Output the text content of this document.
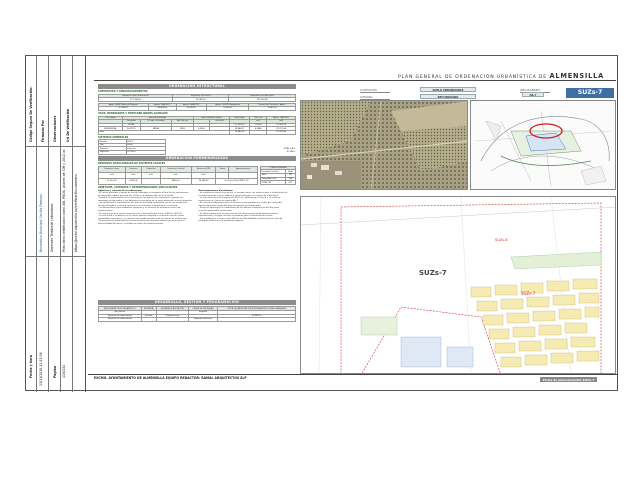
Código Seguro De Verificación:
Normativa Municipal Sevilla Firmado
Firmado Por
Gerencia Territorial Urbanismo
Observaciones
Para otros certificados como AN. PGOU, planes de SIH y 2012 ac
Url De Verificación
https://portal.dipusevilla.es/verificarDocumentos
Fecha y hora 13/11/2018 12:15:38	Página 110/132
PLAN GENERAL DE ORDENACIÓN URBANÍSTICA DE ALMENSILLA
CLASIFICACIÓN	SUELO URBANIZABLE
CATEGORÍA	SECTORIZADO
ÁREA DE REPARTO
AR-7	SUZs-7
ORDENACIÓN ESTRUCTURAL
SUPERFICIES Y APROVECHAMIENTOS
Superficie Total Sector(m2s)	Superficie SGs (m2s)	Superficie con SGs (m2s)
111.765,00	10.185,00	121.950,00
Aprov. MEDIO Área de Reparto	Aprov. OBJETIVO	Aprov. SUBJETIVO	Aprov. CESIÓN obligatoria	Exceso de/ Defectos / Aprov.
0,318093	38.406,00	33.853,07	3.785,00	3.545,14
USOS, DENSIDADES Y EDIFICABILIDADES GLOBALES
Uso Global	Area de Densidad			Índice Edificab Global		Edif Global	Coef Uso	Aprov. OBJETIVO
	Densidad	Nº máx. viviendas	Edif. Min Vp		m2t/m2s		m2t	(uh)
	B-UAS					37.500,50	1,0000	37.260,78
RESIDENCIAL	Pl-VBT.99	MEDIA	30/50	0,5000		18.846,27	0,9886	22.237,64
Total						55.889,09		59.781,44
SISTEMAS GENERALES
Nombre	SGV-3		
Tipo	Viario		
Situación	adscritos		TOTAL SGEL
Superficie	10.185,0		10.185,0
ORDENACIÓN PORMENORIZADA
RESERVAS DOTACIONALES DE SISTEMAS LOCALES
Espacios Libres	Docente	Deportivo	Comercial o Social	Reservas SIPS	Viario	Aparcamientos
m2s	m2s	m2s	m2s	m2s		
11.352,00	4.940,00		4862,00	24.944,00	Ver Plano SUs-OVBT-5 (V)	
OTRAS VIVIENDAS	
Densidad (viv/ha)	35,00
Total	391
Protegidas (viv)	165
TOTAL VIV	391
OBJETIVOS, CRITERIOS Y DETERMINACIONES VINCULANTES
Objetivos y criterios de la ordenación:
- El sector pretende el grado de sucitas ubicadas a integrarse al final de las operaciones
de desarrollo urbano previsto por el Plan a la implantación de la vivienda.
- Facilitar la implantación de la vivienda de una opción de crecimiento, ordenar las
manzanas residenciales y las dotaciones necesarias de la zona urbana de nueva formación.
- Se posibilitará la implantación de usos de actividad compatible con el uso residencial
de baja densidad, en forma continua y en viviendas unifamiliares y colectivas.
- Se desarrollará como unidad de ejecución y su sistema de actuación será el de
compensación.
- El sistema general viario conectará con el desarrollo del sector SUZs-6 y SUZs-8.
- La red viaria a establecer en el sector deberá completar la conexión con las zonas
urbanizadas existentes y se ajustará al trazado indicativo de los planos de ordenación.
- El proyecto de urbanización incluirá las obras de conexión exterior precisas para la
funcionalidad del sector, incluidas las redes de infraestructuras.
Determinaciones Vinculantes:
- Se establecen como vinculantes: el trazado viario, las zonas verdes y la ubicación de
las dotaciones de interés público y social indicadas en el plano de ordenación.
- La ejecución del sistema general SGV-3 se realizará por el sector y su coste se
repercutirá en el área de reparto AR-7.
- Se cederán al Ayuntamiento los terrenos correspondientes al diez por ciento del
aprovechamiento medio del área de reparto, ya urbanizados.
- Serán de aplicación las condiciones de las Normas Urbanísticas del Plan para
el suelo urbanizable sectorizado.
- Se deberá garantizar la ejecución de las infraestructuras de abastecimiento,
saneamiento y energía eléctrica necesarias para el desarrollo del sector.
- Será obligatoria la reserva del 30% de la edificabilidad residencial para vivienda
protegida conforme a la legislación vigente.
DESARROLLO, GESTIÓN Y PROGRAMACIÓN
INSTRUMENTOS DE DESARROLLO	INICIATIVA	SISTEMA DE ACTUACIÓN	ORDEN DE PRIORIDAD	CUOTA DE PARTICIPACIÓN EN INFRAESTRUCTURAS GENERALES
Plan Parcial			Segundo	
Proyecto de Urbanización	Privada	Compensación		0,03820%
Proyecto de Urbanización			Segundo cuatrienio	
SUZs-7
SUZs-8
SUZs-7
EXCMO. AYUNTAMIENTO DE ALMENSILLA EQUIPO REDACTOR: RAMAL ARQUITECTOS SLP	Ficha de planeamiento SUZs-7
